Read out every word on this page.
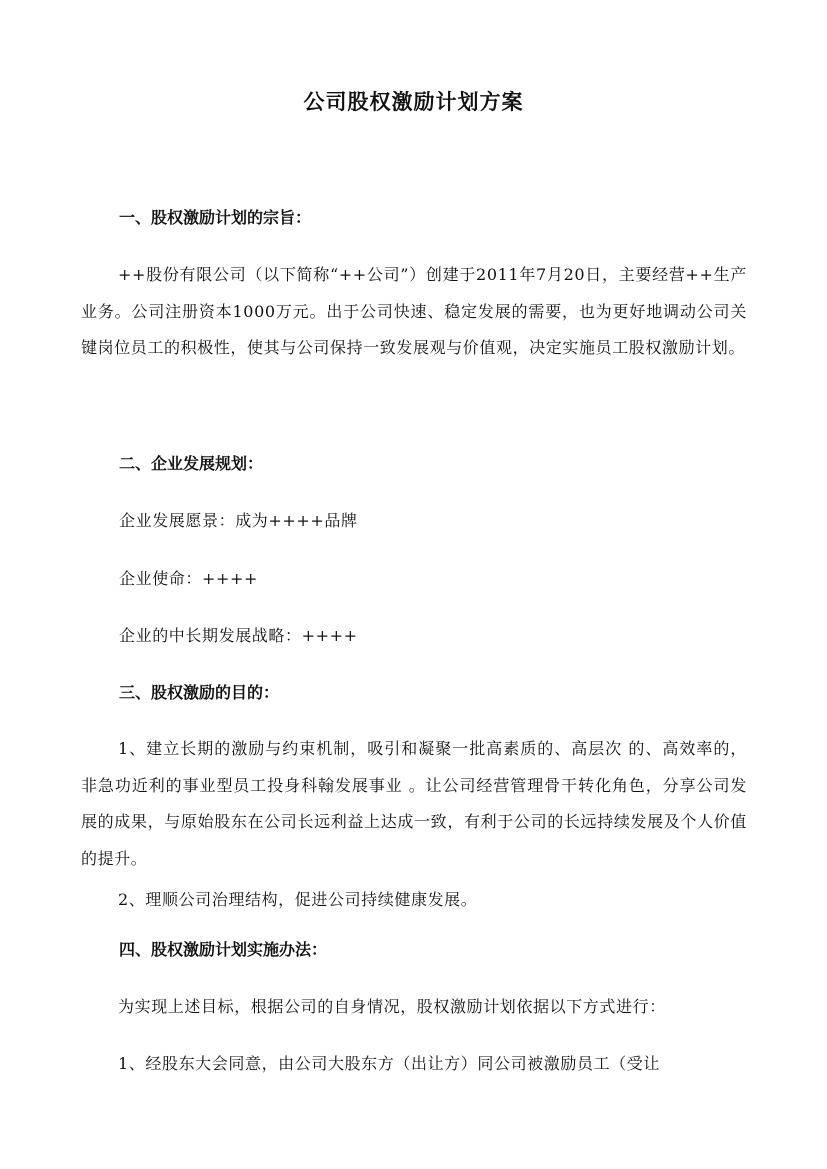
公司股权激励计划方案
一、股权激励计划的宗旨：

++股份有限公司（以下简称“++公司”）创建于2011年7月20日，主要经营++生产业务。公司注册资本1000万元。出于公司快速、稳定发展的需要，也为更好地调动公司关键岗位员工的积极性，使其与公司保持一致发展观与价值观，决定实施员工股权激励计划。

二、企业发展规划：

企业发展愿景：成为++++品牌

企业使命：++++

企业的中长期发展战略：++++

三、股权激励的目的：

1、建立长期的激励与约束机制，吸引和凝聚一批高素质的、高层次 的、高效率的，非急功近利的事业型员工投身科翰发展事业 。让公司经营管理骨干转化角色，分享公司发展的成果，与原始股东在公司长远利益上达成一致，有利于公司的长远持续发展及个人价值的提升。

2、理顺公司治理结构，促进公司持续健康发展。

四、股权激励计划实施办法：

为实现上述目标，根据公司的自身情况，股权激励计划依据以下方式进行：

1、经股东大会同意，由公司大股东方（出让方）同公司被激励员工（受让
